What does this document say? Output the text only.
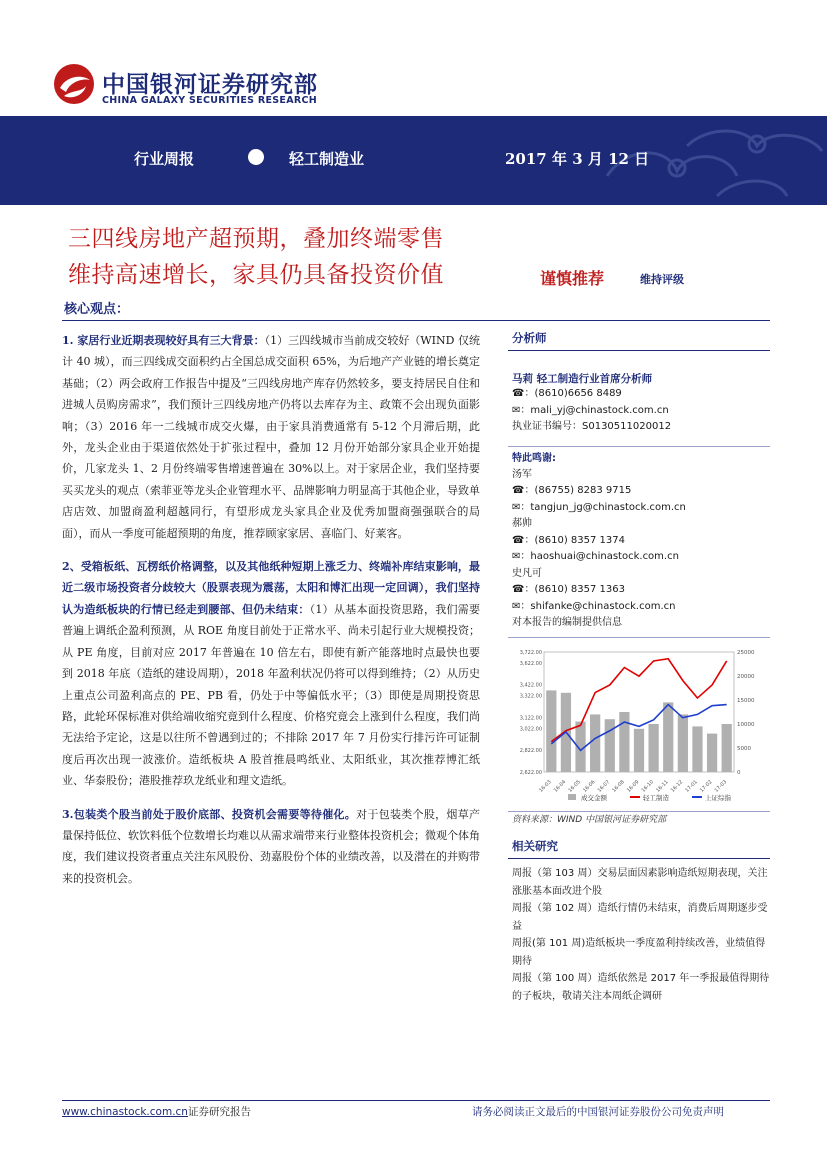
中国银河证券研究部
CHINA GALAXY SECURITIES RESEARCH
行业周报	轻工制造业	2017 年 3 月 12 日
三四线房地产超预期，叠加终端零售
维持高速增长，家具仍具备投资价值	谨慎推荐	维持评级
核心观点：

1. 家居行业近期表现较好具有三大背景：（1）三四线城市当前成交较好（WIND 仅统计 40 城），而三四线成交面积约占全国总成交面积 65%，为后地产产业链的增长奠定基础；（2）两会政府工作报告中提及“三四线房地产库存仍然较多，要支持居民自住和进城人员购房需求”，我们预计三四线房地产仍将以去库存为主、政策不会出现负面影响；（3）2016 年一二线城市成交火爆，由于家具消费通常有 5-12 个月滞后期，此外，龙头企业由于渠道依然处于扩张过程中，叠加 12 月份开始部分家具企业开始提价，几家龙头 1、2 月份终端零售增速普遍在 30%以上。对于家居企业，我们坚持要买买龙头的观点（索菲亚等龙头企业管理水平、品牌影响力明显高于其他企业，导致单店店效、加盟商盈利超越同行，有望形成龙头家具企业及优秀加盟商强强联合的局面），而从一季度可能超预期的角度，推荐顾家家居、喜临门、好莱客。

2、受箱板纸、瓦楞纸价格调整，以及其他纸种短期上涨乏力、终端补库结束影响，最近二级市场投资者分歧较大（股票表现为震荡，太阳和博汇出现一定回调），我们坚持认为造纸板块的行情已经走到腰部、但仍未结束：（1）从基本面投资思路，我们需要普遍上调纸企盈利预测，从 ROE 角度目前处于正常水平、尚未引起行业大规模投资；从 PE 角度，目前对应 2017 年普遍在 10 倍左右，即使有新产能落地时点最快也要到 2018 年底（造纸的建设周期），2018 年盈利状况仍将可以得到维持；（2）从历史上重点公司盈利高点的 PE、PB 看，仍处于中等偏低水平；（3）即使是周期投资思路，此轮环保标准对供给端收缩究竟到什么程度、价格究竟会上涨到什么程度，我们尚无法给予定论，这是以往所不曾遇到过的；不排除 2017 年 7 月份实行排污许可证制度后再次出现一波涨价。造纸板块 A 股首推晨鸣纸业、太阳纸业，其次推荐博汇纸业、华泰股份；港股推荐玖龙纸业和理文造纸。

3.包装类个股当前处于股价底部、投资机会需要等待催化。对于包装类个股，烟草产量保持低位、软饮料低个位数增长均难以从需求端带来行业整体投资机会；微观个体角度，我们建议投资者重点关注东风股份、劲嘉股份个体的业绩改善，以及潜在的并购带来的投资机会。

分析师
马莉 轻工制造行业首席分析师
☎：(8610)6656 8489
✉：mali_yj@chinastock.com.cn
执业证书编号：S0130511020012
特此鸣谢:
汤军
☎：(86755) 8283 9715
✉：tangjun_jg@chinastock.com.cn
郝帅
☎：(8610) 8357 1374
✉：haoshuai@chinastock.com.cn
史凡可
☎：(8610) 8357 1363
✉：shifanke@chinastock.com.cn
对本报告的编制提供信息
2,622.00
2,822.00
3,022.00
3,122.00
3,322.00
3,422.00
3,622.00
3,722.00
0
5000
10000
15000
20000
25000
16-03 16-04 16-05 16-06 16-07 16-08 16-09 16-10 16-11 16-12 17-01 17-02 17-03
成交金额	轻工制造	上证综指
资料来源：WIND 中国银河证券研究部
相关研究
周报（第 103 周）交易层面因素影响造纸短期表现，关注涨胀基本面改进个股
周报（第 102 周）造纸行情仍未结束，消费后周期逐步受益
周报(第 101 周)造纸板块一季度盈利持续改善，业绩值得期待
周报（第 100 周）造纸依然是 2017 年一季报最值得期待的子板块，敬请关注本周纸企调研
www.chinastock.com.cn证券研究报告	请务必阅读正文最后的中国银河证券股份公司免责声明
